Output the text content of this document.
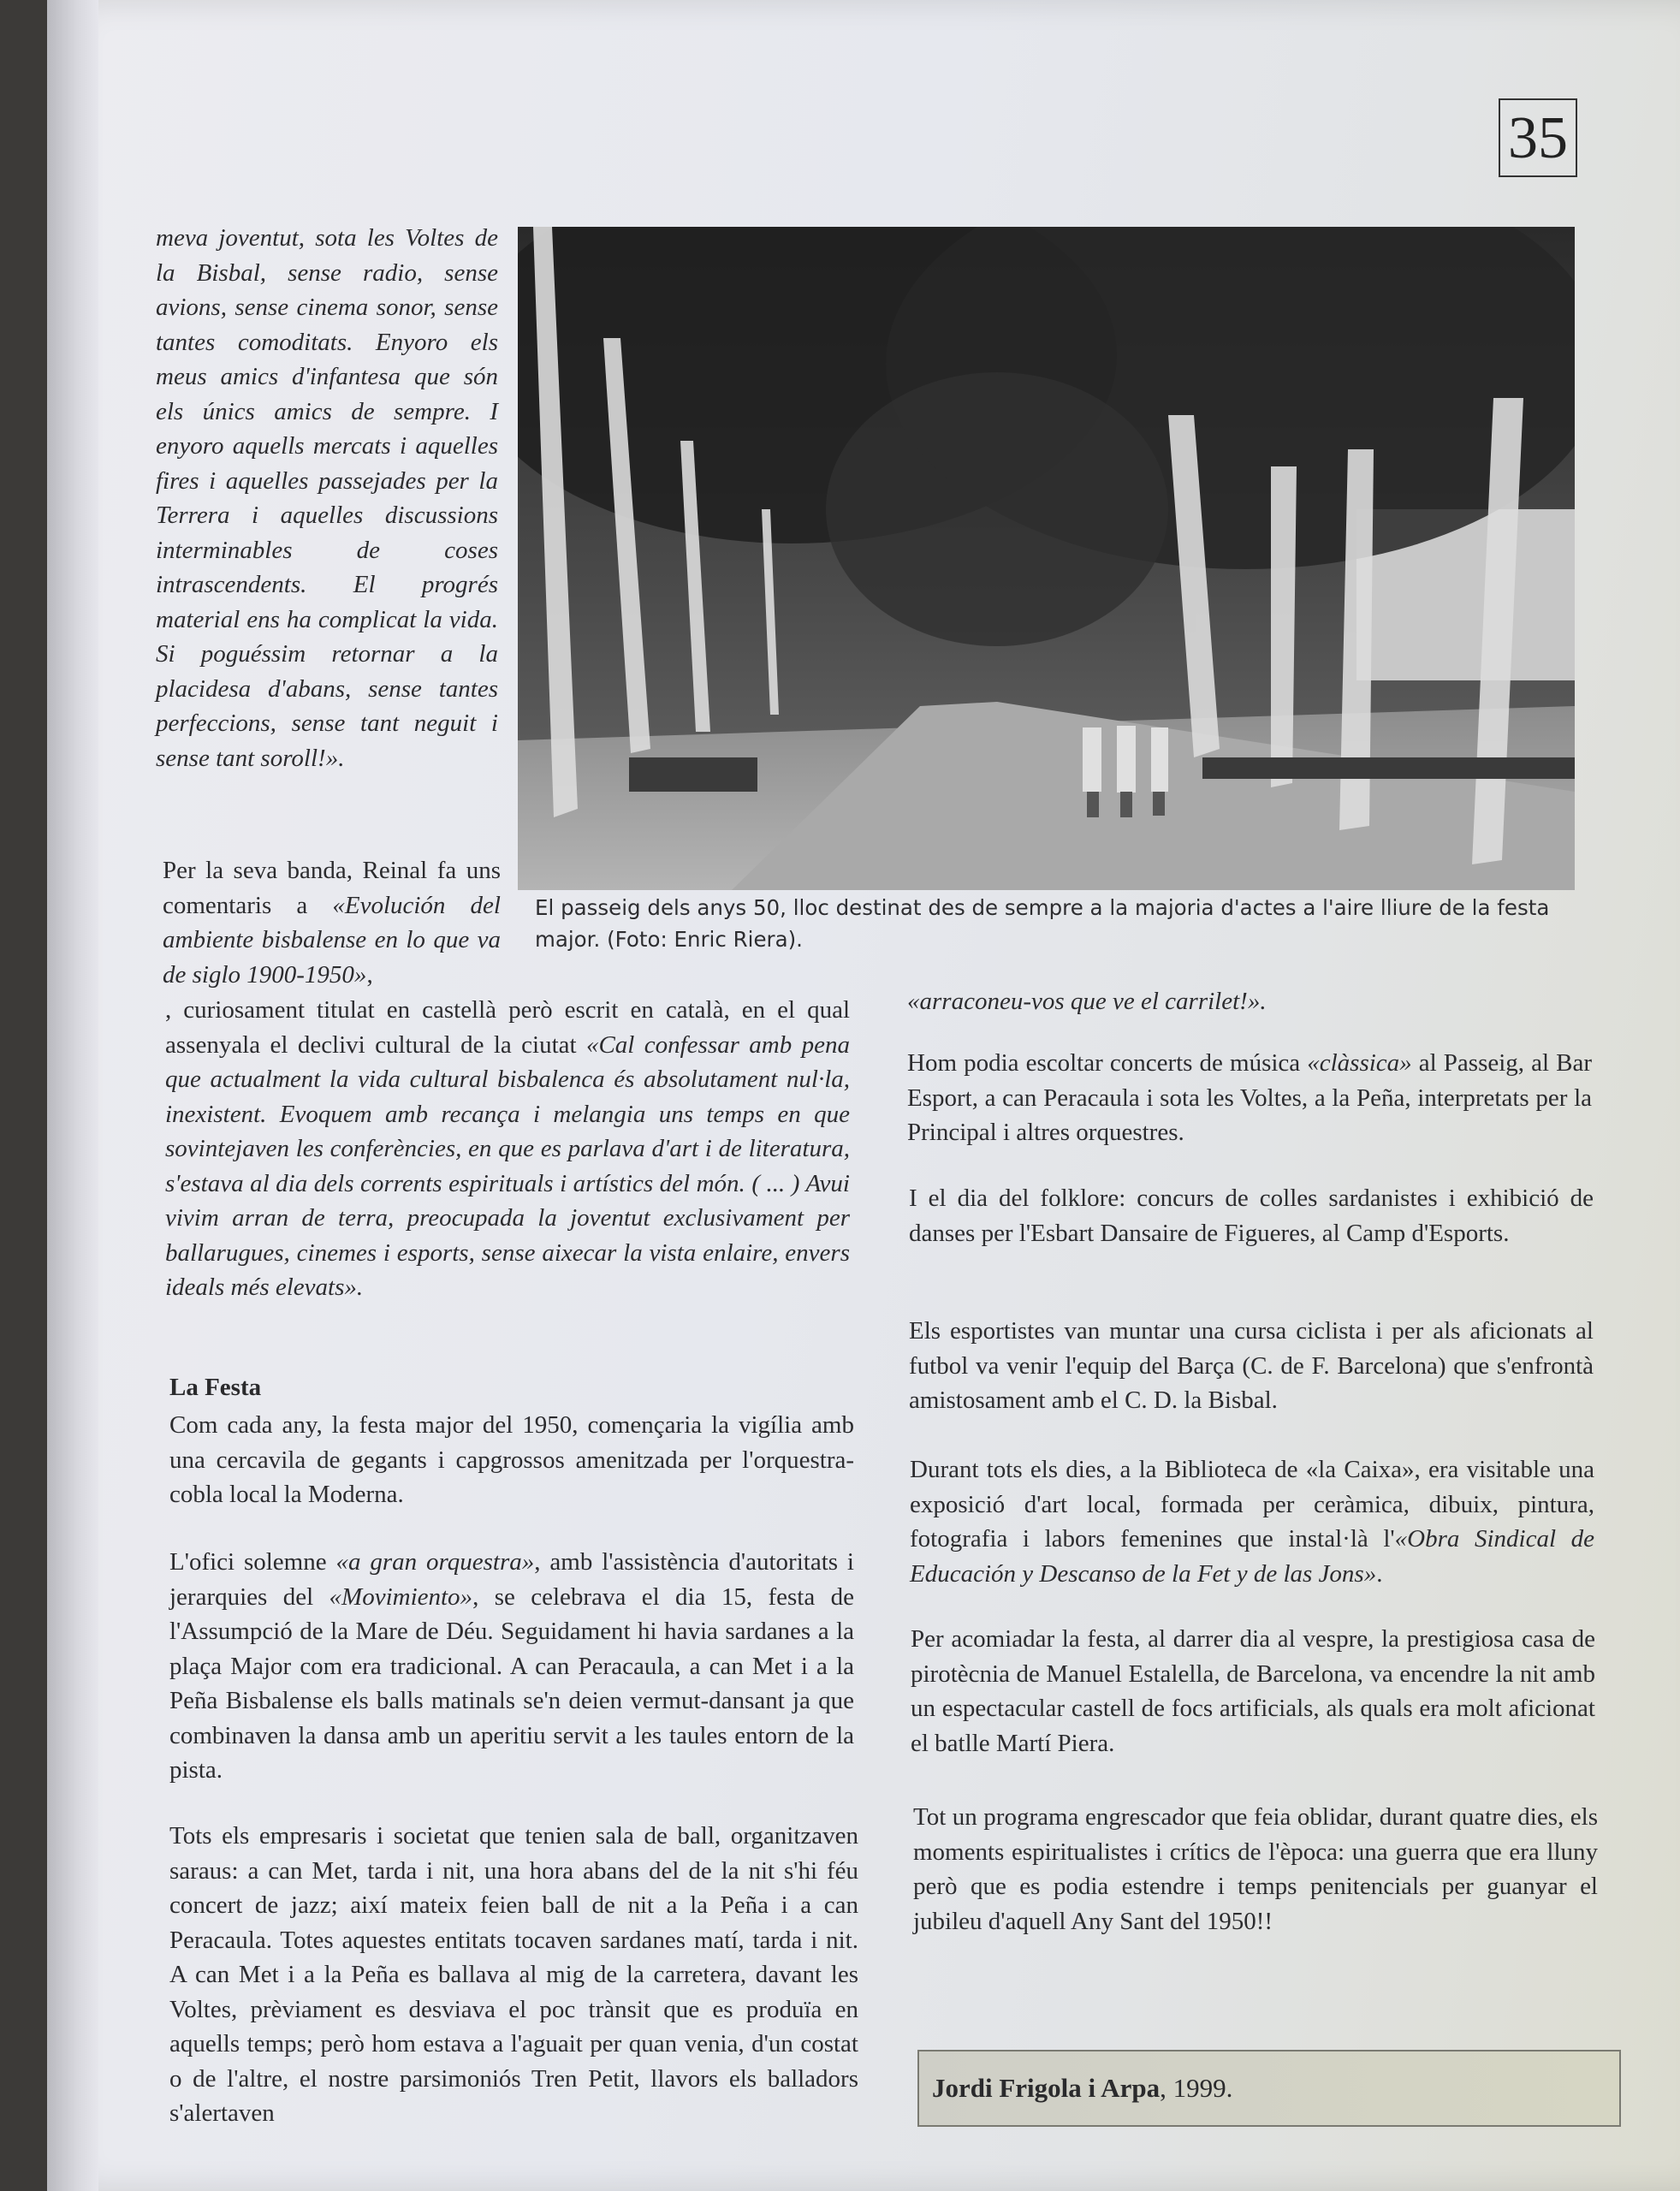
35
El passeig dels anys 50, lloc destinat des de sempre a la majoria d'actes a l'aire lliure de la festa major. (Foto: Enric Riera).

meva joventut, sota les Voltes de la Bisbal, sense radio, sense avions, sense cinema sonor, sense tantes comoditats. Enyoro els meus amics d'infantesa que són els únics amics de sempre. I enyoro aquells mercats i aquelles fires i aquelles passejades per la Terrera i aquelles discussions interminables de coses intrascendents. El progrés material ens ha complicat la vida. Si poguéssim retornar a la placidesa d'abans, sense tantes perfeccions, sense tant neguit i sense tant soroll!».

Per la seva banda, Reinal fa uns comentaris a «Evolución del ambiente bisbalense en lo que va de siglo 1900-1950»,

, curiosament titulat en castellà però escrit en català, en el qual assenyala el declivi cultural de la ciutat «Cal confessar amb pena que actualment la vida cultural bisbalenca és absolutament nul·la, inexistent. Evoquem amb recança i melangia uns temps en que sovintejaven les conferències, en que es parlava d'art i de literatura, s'estava al dia dels corrents espirituals i artístics del món. ( ... ) Avui vivim arran de terra, preocupada la joventut exclusivament per ballarugues, cinemes i esports, sense aixecar la vista enlaire, envers ideals més elevats».

La Festa

Com cada any, la festa major del 1950, començaria la vigília amb una cercavila de gegants i capgrossos amenitzada per l'orquestra-cobla local la Moderna.

L'ofici solemne «a gran orquestra», amb l'assistència d'autoritats i jerarquies del «Movimiento», se celebrava el dia 15, festa de l'Assumpció de la Mare de Déu. Seguidament hi havia sardanes a la plaça Major com era tradicional. A can Peracaula, a can Met i a la Peña Bisbalense els balls matinals se'n deien vermut-dansant ja que combinaven la dansa amb un aperitiu servit a les taules entorn de la pista.

Tots els empresaris i societat que tenien sala de ball, organitzaven saraus: a can Met, tarda i nit, una hora abans del de la nit s'hi féu concert de jazz; així mateix feien ball de nit a la Peña i a can Peracaula. Totes aquestes entitats tocaven sardanes matí, tarda i nit. A can Met i a la Peña es ballava al mig de la carretera, davant les Voltes, prèviament es desviava el poc trànsit que es produïa en aquells temps; però hom estava a l'aguait per quan venia, d'un costat o de l'altre, el nostre parsimoniós Tren Petit, llavors els balladors s'alertaven

«arraconeu-vos que ve el carrilet!».

Hom podia escoltar concerts de música «clàssica» al Passeig, al Bar Esport, a can Peracaula i sota les Voltes, a la Peña, interpretats per la Principal i altres orquestres.

I el dia del folklore: concurs de colles sardanistes i exhibició de danses per l'Esbart Dansaire de Figueres, al Camp d'Esports.

Els esportistes van muntar una cursa ciclista i per als aficionats al futbol va venir l'equip del Barça (C. de F. Barcelona) que s'enfrontà amistosament amb el C. D. la Bisbal.

Durant tots els dies, a la Biblioteca de «la Caixa», era visitable una exposició d'art local, formada per ceràmica, dibuix, pintura, fotografia i labors femenines que instal·là l'«Obra Sindical de Educación y Descanso de la Fet y de las Jons».

Per acomiadar la festa, al darrer dia al vespre, la prestigiosa casa de pirotècnia de Manuel Estalella, de Barcelona, va encendre la nit amb un espectacular castell de focs artificials, als quals era molt aficionat el batlle Martí Piera.

Tot un programa engrescador que feia oblidar, durant quatre dies, els moments espiritualistes i crítics de l'època: una guerra que era lluny però que es podia estendre i temps penitencials per guanyar el jubileu d'aquell Any Sant del 1950!!

Jordi Frigola i Arpa, 1999.
